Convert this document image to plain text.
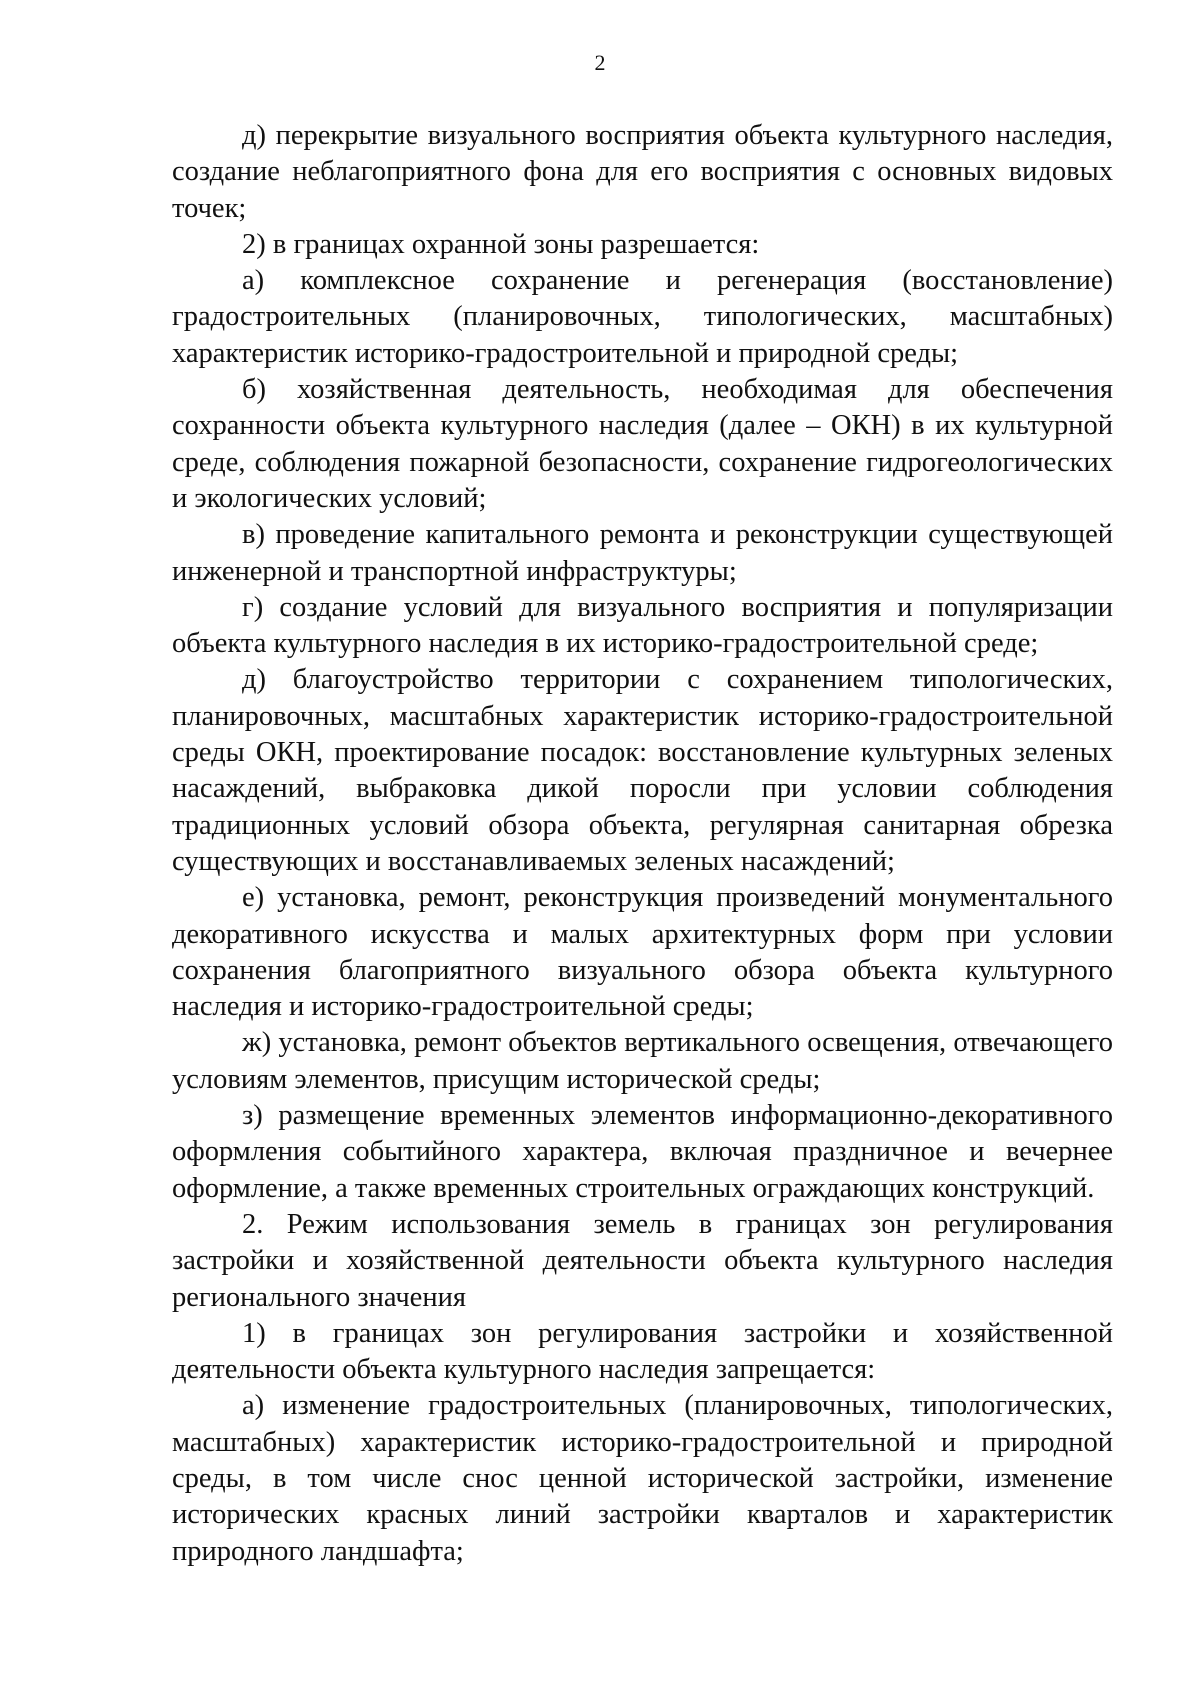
2

д) перекрытие визуального восприятия объекта культурного наследия, создание неблагоприятного фона для его восприятия с основных видовых точек;

2) в границах охранной зоны разрешается:

а) комплексное сохранение и регенерация (восстановление) градостроительных (планировочных, типологических, масштабных) характеристик историко-градостроительной и природной среды;

б) хозяйственная деятельность, необходимая для обеспечения сохранности объекта культурного наследия (далее – ОКН) в их культурной среде, соблюдения пожарной безопасности, сохранение гидрогеологических и экологических условий;

в) проведение капитального ремонта и реконструкции существующей инженерной и транспортной инфраструктуры;

г) создание условий для визуального восприятия и популяризации объекта культурного наследия в их историко-градостроительной среде;

д) благоустройство территории с сохранением типологических, планировочных, масштабных характеристик историко-градостроительной среды ОКН, проектирование посадок: восстановление культурных зеленых насаждений, выбраковка дикой поросли при условии соблюдения традиционных условий обзора объекта, регулярная санитарная обрезка существующих и восстанавливаемых зеленых насаждений;

е) установка, ремонт, реконструкция произведений монументального декоративного искусства и малых архитектурных форм при условии сохранения благоприятного визуального обзора объекта культурного наследия и историко-градостроительной среды;

ж) установка, ремонт объектов вертикального освещения, отвечающего условиям элементов, присущим исторической среды;

з) размещение временных элементов информационно-декоративного оформления событийного характера, включая праздничное и вечернее оформление, а также временных строительных ограждающих конструкций.

2. Режим использования земель в границах зон регулирования застройки и хозяйственной деятельности объекта культурного наследия регионального значения

1) в границах зон регулирования застройки и хозяйственной деятельности объекта культурного наследия запрещается:

а) изменение градостроительных (планировочных, типологических, масштабных) характеристик историко-градостроительной и природной среды, в том числе снос ценной исторической застройки, изменение исторических красных линий застройки кварталов и характеристик природного ландшафта;
